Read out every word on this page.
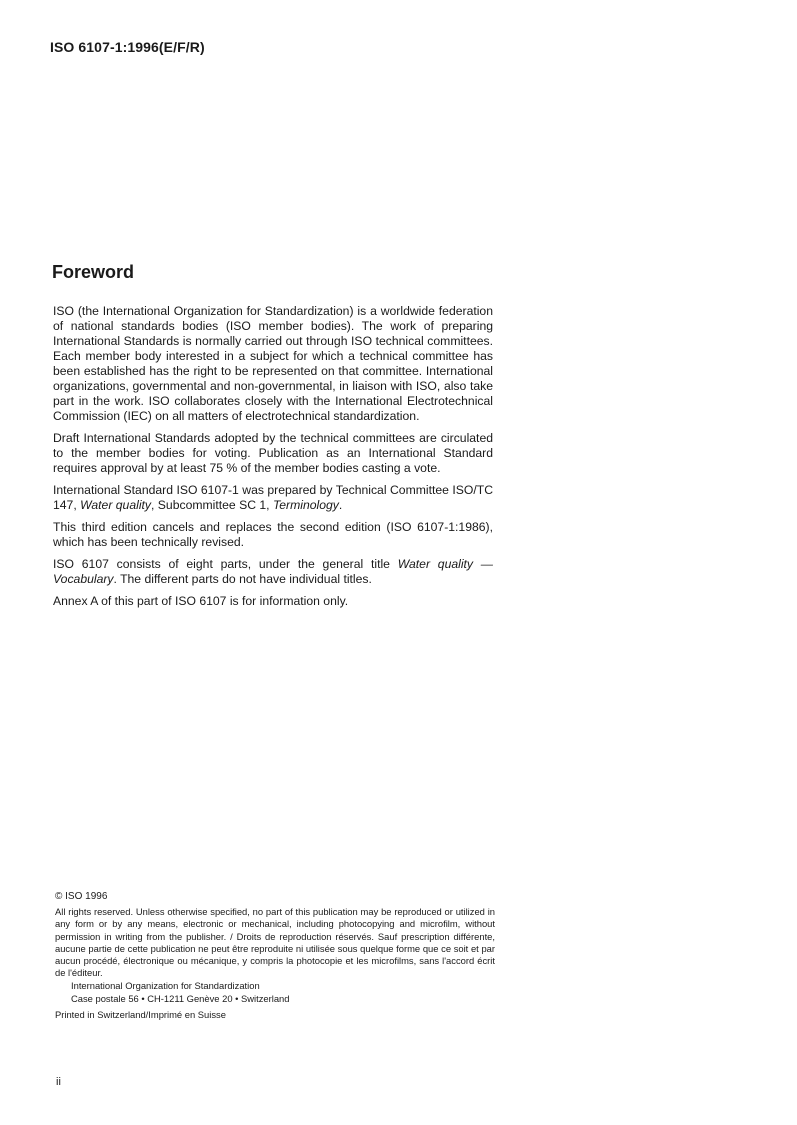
ISO 6107-1:1996(E/F/R)
Foreword

ISO (the International Organization for Standardization) is a worldwide federation of national standards bodies (ISO member bodies). The work of preparing International Standards is normally carried out through ISO technical committees. Each member body interested in a subject for which a technical committee has been established has the right to be represented on that committee. International organizations, governmental and non-governmental, in liaison with ISO, also take part in the work. ISO collaborates closely with the International Electrotechnical Commission (IEC) on all matters of electrotechnical standardization.

Draft International Standards adopted by the technical committees are circulated to the member bodies for voting. Publication as an International Standard requires approval by at least 75 % of the member bodies casting a vote.

International Standard ISO 6107-1 was prepared by Technical Committee ISO/TC 147, Water quality, Subcommittee SC 1, Terminology.

This third edition cancels and replaces the second edition (ISO 6107-1:1986), which has been technically revised.

ISO 6107 consists of eight parts, under the general title Water quality — Vocabulary. The different parts do not have individual titles.

Annex A of this part of ISO 6107 is for information only.

© ISO 1996
All rights reserved. Unless otherwise specified, no part of this publication may be reproduced or utilized in any form or by any means, electronic or mechanical, including photocopying and microfilm, without permission in writing from the publisher. / Droits de reproduction réservés. Sauf prescription différente, aucune partie de cette publication ne peut être reproduite ni utilisée sous quelque forme que ce soit et par aucun procédé, électronique ou mécanique, y compris la photocopie et les microfilms, sans l'accord écrit de l'éditeur.
International Organization for Standardization
Case postale 56 • CH-1211 Genève 20 • Switzerland
Printed in Switzerland/Imprimé en Suisse
ii
